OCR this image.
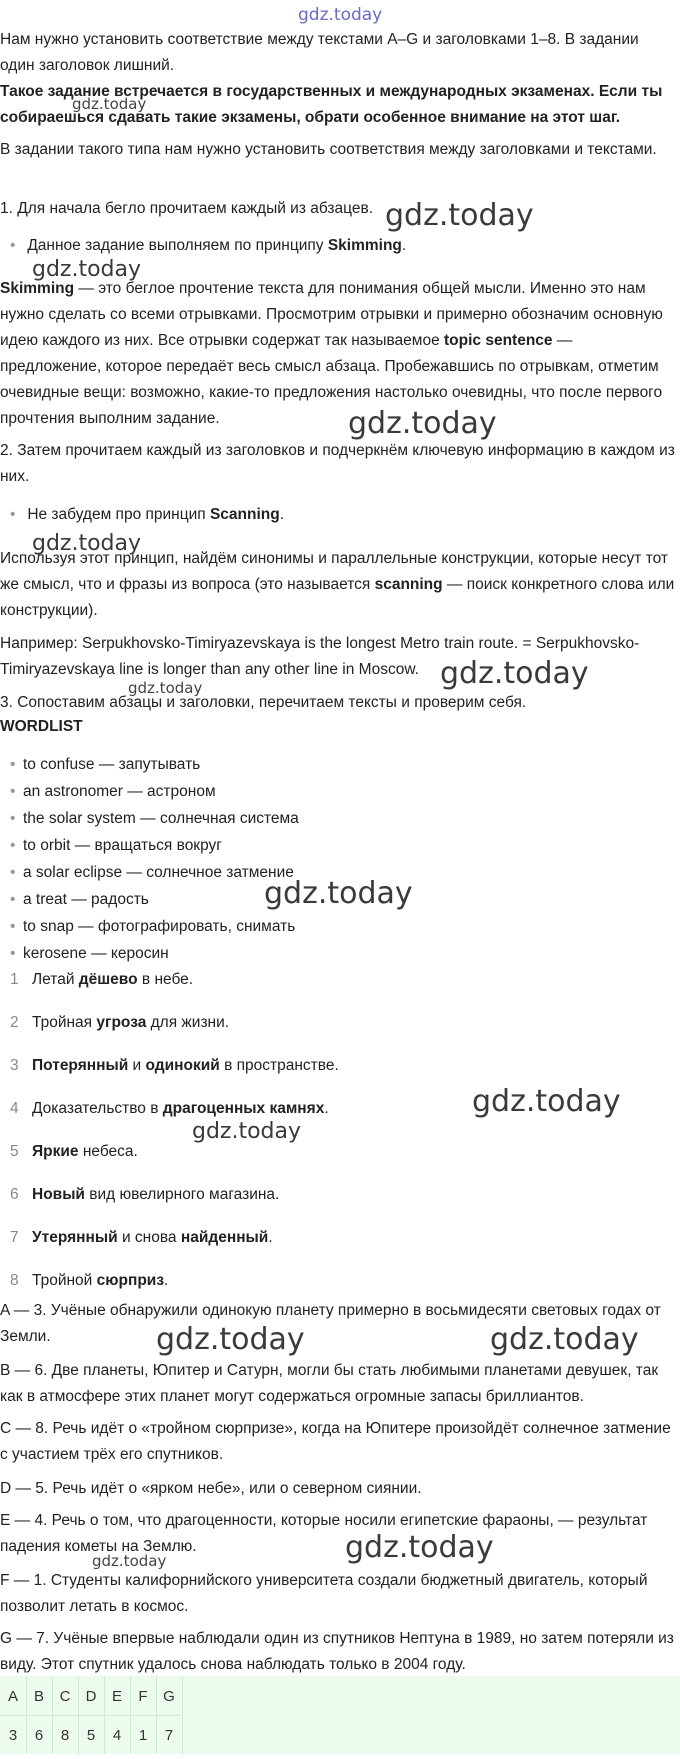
gdz.today
gdz.today
gdz.today
gdz.today
gdz.today
gdz.today
gdz.today
gdz.today
gdz.today
gdz.today
gdz.today
gdz.today	gdz.today
gdz.today
gdz.today

Нам нужно установить соответствие между текстами A–G и заголовками 1–8. В задании один заголовок лишний.

Такое задание встречается в государственных и международных экзаменах. Если ты собираешься сдавать такие экзамены, обрати особенное внимание на этот шаг.

В задании такого типа нам нужно установить соответствия между заголовками и текстами.

1. Для начала бегло прочитаем каждый из абзацев.

• Данное задание выполняем по принципу Skimming.

Skimming — это беглое прочтение текста для понимания общей мысли. Именно это нам нужно сделать со всеми отрывками. Просмотрим отрывки и примерно обозначим основную идею каждого из них. Все отрывки содержат так называемое topic sentence — предложение, которое передаёт весь смысл абзаца. Пробежавшись по отрывкам, отметим очевидные вещи: возможно, какие-то предложения настолько очевидны, что после первого прочтения выполним задание.

2. Затем прочитаем каждый из заголовков и подчеркнём ключевую информацию в каждом из них.

• Не забудем про принцип Scanning.

Используя этот принцип, найдём синонимы и параллельные конструкции, которые несут тот же смысл, что и фразы из вопроса (это называется scanning — поиск конкретного слова или конструкции).

Например: Serpukhovsko-Timiryazevskaya is the longest Metro train route. = Serpukhovsko-Timiryazevskaya line is longer than any other line in Moscow.

3. Сопоставим абзацы и заголовки, перечитаем тексты и проверим себя.

WORDLIST

• to confuse — запутывать
• an astronomer — астроном
• the solar system — солнечная система
• to orbit — вращаться вокруг
• a solar eclipse — солнечное затмение
• a treat — радость
• to snap — фотографировать, снимать
• kerosene — керосин
1 Летай дёшево в небе.
2 Тройная угроза для жизни.
3 Потерянный и одинокий в пространстве.
4 Доказательство в драгоценных камнях.
5 Яркие небеса.
6 Новый вид ювелирного магазина.
7 Утерянный и снова найденный.
8 Тройной сюрприз.

A — 3. Учёные обнаружили одинокую планету примерно в восьмидесяти световых годах от Земли.

B — 6. Две планеты, Юпитер и Сатурн, могли бы стать любимыми планетами девушек, так как в атмосфере этих планет могут содержаться огромные запасы бриллиантов.

C — 8. Речь идёт о «тройном сюрпризе», когда на Юпитере произойдёт солнечное затмение с участием трёх его спутников.

D — 5. Речь идёт о «ярком небе», или о северном сиянии.

E — 4. Речь о том, что драгоценности, которые носили египетские фараоны, — результат падения кометы на Землю.

F — 1. Студенты калифорнийского университета создали бюджетный двигатель, который позволит летать в космос.

G — 7. Учёные впервые наблюдали один из спутников Нептуна в 1989, но затем потеряли из виду. Этот спутник удалось снова наблюдать только в 2004 году.

A	B	C	D	E	F	G
3	6	8	5	4	1	7
